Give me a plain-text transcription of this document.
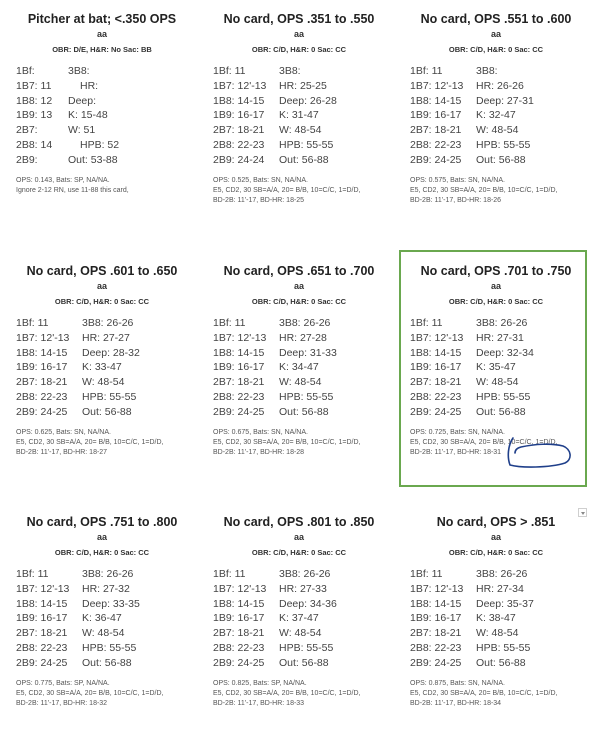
Pitcher at bat; <.350 OPS
aa
OBR: D/E, H&R: No Sac: BB
1Bf:	3B8:
1B7: 11	HR:
1B8: 12 Deep:
1B9: 13 K: 15-48
2B7:	W: 51
2B8: 14	HPB: 52
2B9:	Out: 53-88
OPS: 0.143, Bats: SP, NA/NA.
Ignore 2-12 RN, use 11-88 this card,
No card, OPS .351 to .550
aa
OBR: C/D, H&R: 0 Sac: CC
1Bf: 11	3B8:
1B7: 12'-13 HR: 25-25
1B8: 14-15 Deep: 26-28
1B9: 16-17 K: 31-47
2B7: 18-21 W: 48-54
2B8: 22-23 HPB: 55-55
2B9: 24-24 Out: 56-88
OPS: 0.525, Bats: SN, NA/NA.
E5, CD2, 30 SB=A/A, 20= B/B, 10=C/C, 1=D/D,
BD-2B: 11'-17, BD-HR: 18-25
No card, OPS .551 to .600
aa
OBR: C/D, H&R: 0 Sac: CC
1Bf: 11	3B8:
1B7: 12'-13 HR: 26-26
1B8: 14-15 Deep: 27-31
1B9: 16-17 K: 32-47
2B7: 18-21 W: 48-54
2B8: 22-23 HPB: 55-55
2B9: 24-25 Out: 56-88
OPS: 0.575, Bats: SN, NA/NA.
E5, CD2, 30 SB=A/A, 20= B/B, 10=C/C, 1=D/D,
BD-2B: 11'-17, BD-HR: 18-26
No card, OPS .601 to .650
aa
OBR: C/D, H&R: 0 Sac: CC
1Bf: 11	3B8: 26-26
1B7: 12'-13 HR: 27-27
1B8: 14-15 Deep: 28-32
1B9: 16-17 K: 33-47
2B7: 18-21 W: 48-54
2B8: 22-23 HPB: 55-55
2B9: 24-25 Out: 56-88
OPS: 0.625, Bats: SN, NA/NA.
E5, CD2, 30 SB=A/A, 20= B/B, 10=C/C, 1=D/D,
BD-2B: 11'-17, BD-HR: 18-27
No card, OPS .651 to .700
aa
OBR: C/D, H&R: 0 Sac: CC
1Bf: 11	3B8: 26-26
1B7: 12'-13 HR: 27-28
1B8: 14-15 Deep: 31-33
1B9: 16-17 K: 34-47
2B7: 18-21 W: 48-54
2B8: 22-23 HPB: 55-55
2B9: 24-25 Out: 56-88
OPS: 0.675, Bats: SN, NA/NA.
E5, CD2, 30 SB=A/A, 20= B/B, 10=C/C, 1=D/D,
BD-2B: 11'-17, BD-HR: 18-28
No card, OPS .701 to .750
aa
OBR: C/D, H&R: 0 Sac: CC
1Bf: 11	3B8: 26-26
1B7: 12'-13 HR: 27-31
1B8: 14-15 Deep: 32-34
1B9: 16-17 K: 35-47
2B7: 18-21 W: 48-54
2B8: 22-23 HPB: 55-55
2B9: 24-25 Out: 56-88
OPS: 0.725, Bats: SN, NA/NA.
E5, CD2, 30 SB=A/A, 20= B/B, 10=C/C, 1=D/D,
BD-2B: 11'-17, BD-HR: 18-31
No card, OPS .751 to .800
aa
OBR: C/D, H&R: 0 Sac: CC
1Bf: 11	3B8: 26-26
1B7: 12'-13 HR: 27-32
1B8: 14-15 Deep: 33-35
1B9: 16-17 K: 36-47
2B7: 18-21 W: 48-54
2B8: 22-23 HPB: 55-55
2B9: 24-25 Out: 56-88
OPS: 0.775, Bats: SP, NA/NA.
E5, CD2, 30 SB=A/A, 20= B/B, 10=C/C, 1=D/D,
BD-2B: 11'-17, BD-HR: 18-32
No card, OPS .801 to .850
aa
OBR: C/D, H&R: 0 Sac: CC
1Bf: 11	3B8: 26-26
1B7: 12'-13 HR: 27-33
1B8: 14-15 Deep: 34-36
1B9: 16-17 K: 37-47
2B7: 18-21 W: 48-54
2B8: 22-23 HPB: 55-55
2B9: 24-25 Out: 56-88
OPS: 0.825, Bats: SP, NA/NA.
E5, CD2, 30 SB=A/A, 20= B/B, 10=C/C, 1=D/D,
BD-2B: 11'-17, BD-HR: 18-33
No card, OPS > .851
aa
OBR: C/D, H&R: 0 Sac: CC
1Bf: 11	3B8: 26-26
1B7: 12'-13 HR: 27-34
1B8: 14-15 Deep: 35-37
1B9: 16-17 K: 38-47
2B7: 18-21 W: 48-54
2B8: 22-23 HPB: 55-55
2B9: 24-25 Out: 56-88
OPS: 0.875, Bats: SN, NA/NA.
E5, CD2, 30 SB=A/A, 20= B/B, 10=C/C, 1=D/D,
BD-2B: 11'-17, BD-HR: 18-34
